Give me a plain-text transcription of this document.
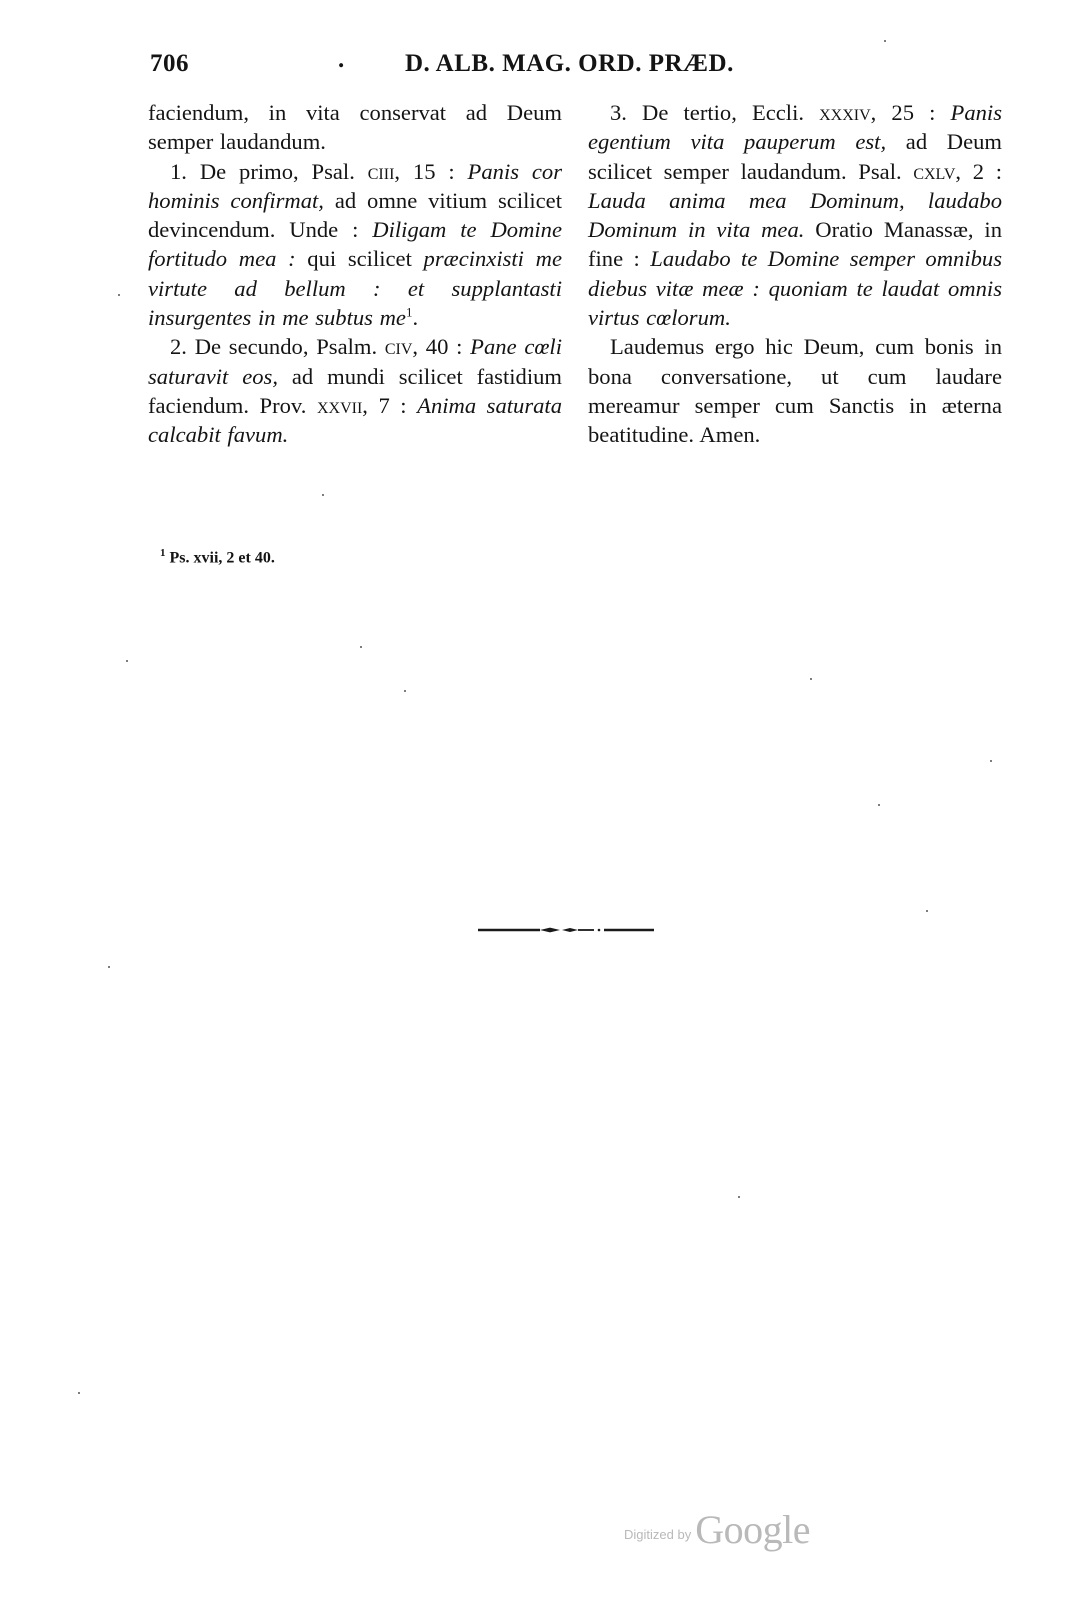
706	. D. ALB. MAG. ORD. PRÆD.

faciendum, in vita conservat ad Deum semper laudandum.

1. De primo, Psal. ciii, 15 : Panis cor hominis confirmat, ad omne vitium scilicet devincendum. Unde : Diligam te Domine fortitudo mea : qui scilicet præcinxisti me virtute ad bellum : et supplantasti insurgentes in me subtus $me^1$.

2. De secundo, Psalm. civ, 40 : Pane cœli saturavit eos, ad mundi scilicet fastidium faciendum. Prov. xxvii, 7 : Anima saturata calcabit favum.

3. De tertio, Eccli. xxxiv, 25 : Panis egentium vita pauperum est, ad Deum scilicet semper laudandum. Psal. cxlv, 2 : Lauda anima mea Dominum, laudabo Dominum in vita mea. Oratio Manassæ, in fine : Laudabo te Domine semper omnibus diebus vitæ meæ : quoniam te laudat omnis virtus cœlorum.

Laudemus ergo hic Deum, cum bonis in bona conversatione, ut cum laudare mereamur semper cum Sanctis in æterna beatitudine. Amen.

$^1$ Ps. xvii, 2 et 40.
$^{Digitized by}$ Google
